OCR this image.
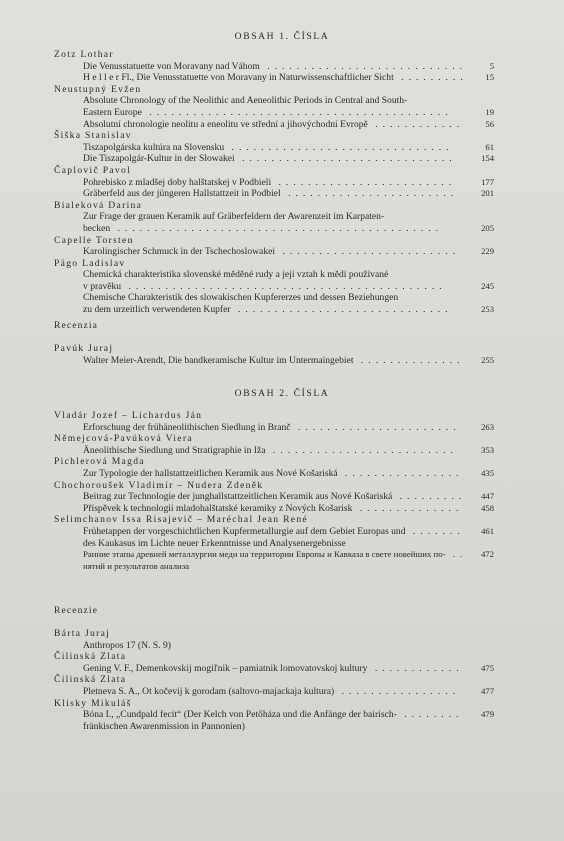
OBSAH 1. ČÍSLA
Zotz Lothar
Die Venusstatuette von Moravany nad Váhom ...........................	5
H e l l e r Fl., Die Venusstatuette von Moravany in Naturwissenschaftlicher Sicht .........	15
Neustupný Evžen
Absolute Chronology of the Neolithic and Aeneolithic Periods in Central and South-
Eastern Europe .........................................	19
Absolutní chronologie neolitu a eneolitu ve střední a jihovýchodní Evropě ............	56
Šiška Stanislav
Tiszapolgárska kultúra na Slovensku ..............................	61
Die Tiszapolgár-Kultur in der Slowakei .............................	154
Čaplovič Pavol
Pohrebisko z mladšej doby halštatskej v Podbieli ........................	177
Gräberfeld aus der jüngeren Hallstattzeit in Podbiel .......................	201
Bialeková Darina
Zur Frage der grauen Keramik auf Gräberfeldern der Awarenzeit im Karpaten-
becken ............................................	205
Capelle Torsten
Karolingischer Schmuck in der Tschechoslowakei ........................	229
Pägo Ladislav
Chemická charakteristika slovenské měděné rudy a její vztah k mědi používané
v pravěku ...........................................	245
Chemische Charakteristik des slowakischen Kupfererzes und dessen Beziehungen
zu dem urzeitlich verwendeten Kupfer .............................	253
Recenzia
Pavúk Juraj
Walter Meier-Arendt, Die bandkeramische Kultur im Untermaingebiet ..............	255
OBSAH 2. ČÍSLA
Vladár Jozef – Lichardus Ján
Erforschung der frühäneolithischen Siedlung in Branč ......................	263
Němejcová-Pavúková Viera
Äneolithische Siedlung und Stratigraphie in Iža .........................	353
Pichlerová Magda
Zur Typologie der hallstattzeitlichen Keramik aus Nové Košariská ................	435
Chochoroušek Vladimír – Nudera Zdeněk
Beitrag zur Technologie der junghallstattzeitlichen Keramik aus Nové Košariská .........	447
Příspěvek k technologii mladohalštatské keramiky z Nových Košarisk ..............	458
Selimchanov Issa Risajevič – Maréchal Jean René
Frühetappen der vorgeschichtlichen Kupfermetallurgie auf dem Gebiet Europas und .......	461
des Kaukasus im Lichte neuer Erkenntnisse und Analysenergebnisse
Ранние этапы древней металлургии меди на территории Европы и Кавказа в свете новейших по- ..	472
нятий и результатов анализа
Recenzie
Bárta Juraj
Anthropos 17 (N. S. 9)
Čilinská Zlata
Gening V. F., Demenkovskij mogiľnik – pamiatnik lomovatovskoj kultury ............	475
Čilinská Zlata
Pletneva S. A., Ot kočevij k gorodam (saltovo-majackaja kultura) ................	477
Klisky Mikuláš
Bóna I., „Cundpald fecit“ (Der Kelch von Petőháza und die Anfänge der bairisch- ........	479
fränkischen Awarenmission in Pannonien)
